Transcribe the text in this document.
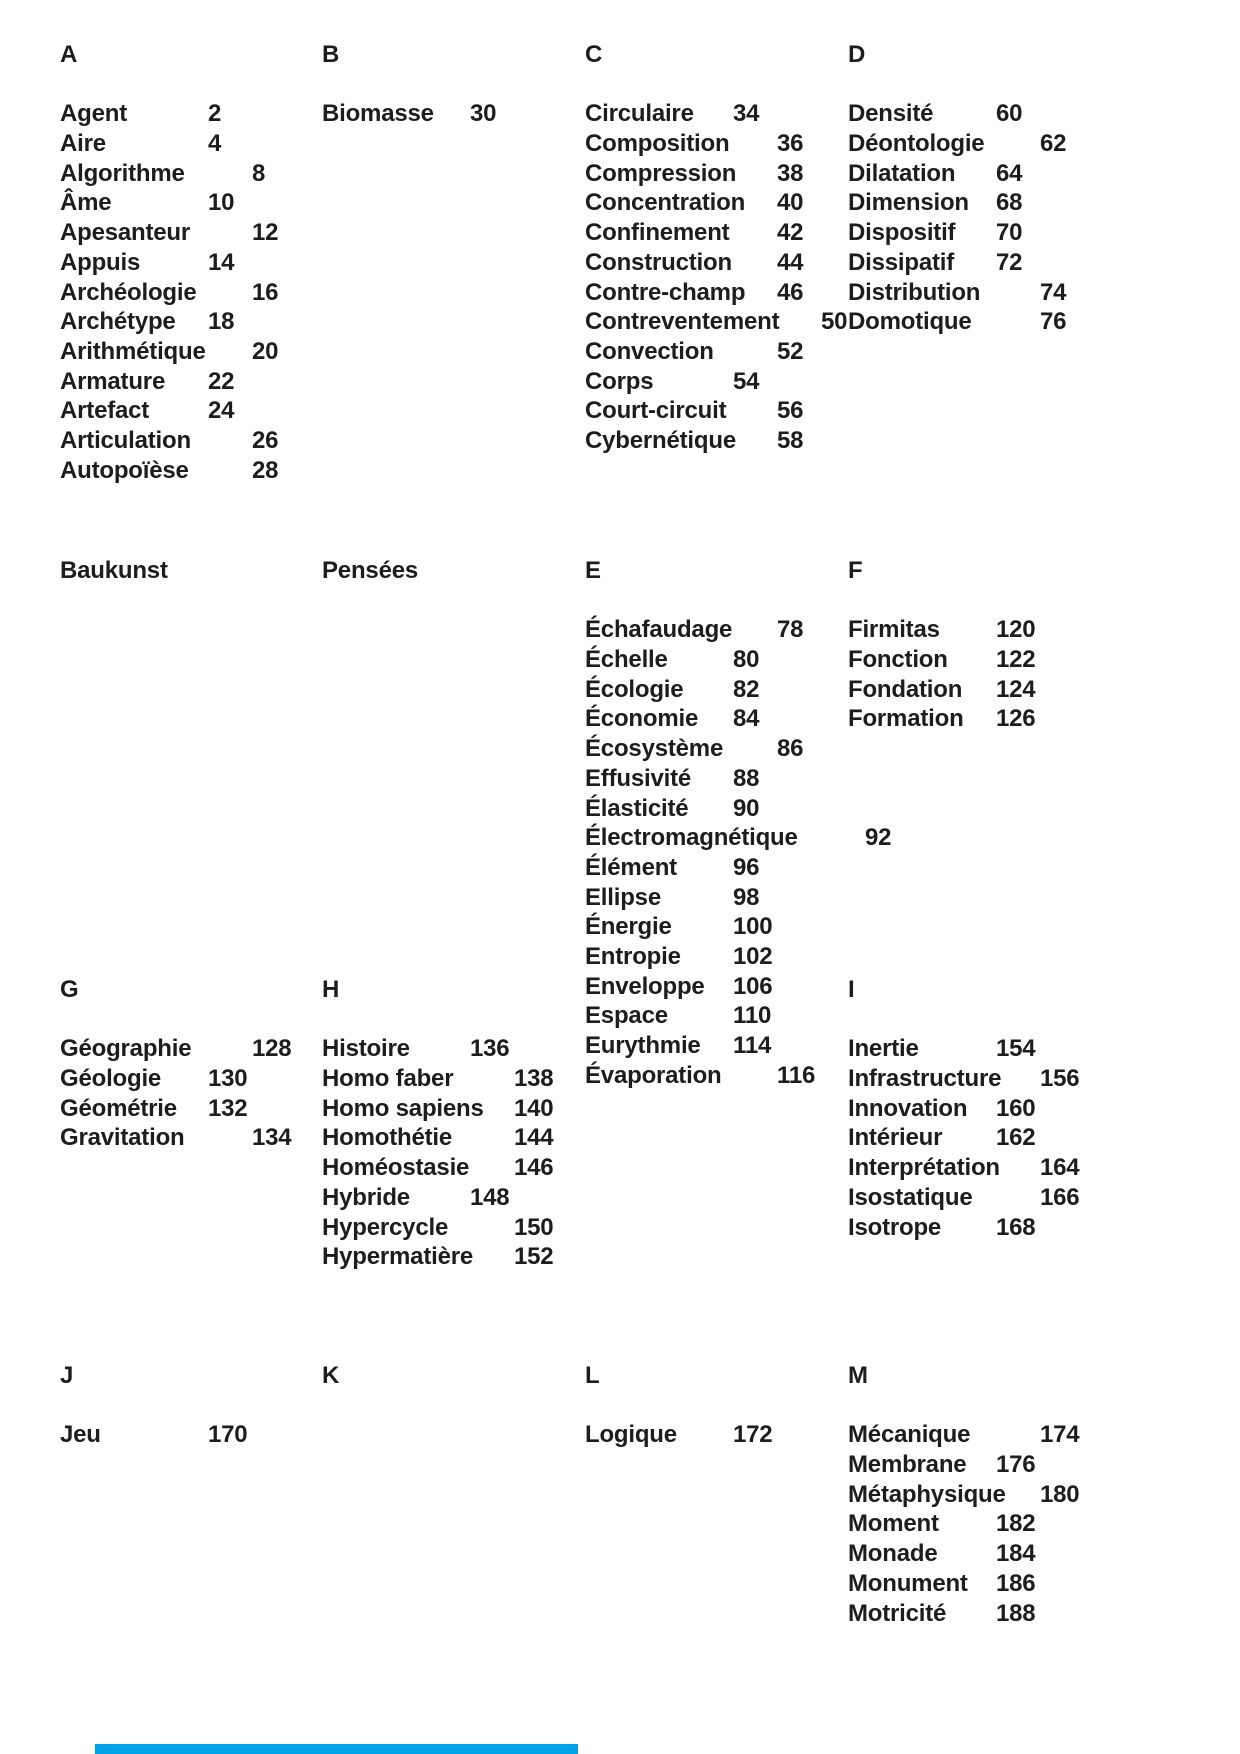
A
Agent	2
Aire	4
Algorithme	8
Âme	10
Apesanteur	12
Appuis	14
Archéologie 16
Archétype 18
Arithmétique 20
Armature 22
Artefact 24
Articulation	26
Autopoïèse	28
B
Biomasse 30
C
Circulaire 34
Composition 36
Compression 38
Concentration 40
Confinement 42
Construction 44
Contre-champ 46
Contreventement 50
Convection	52
Corps	54
Court-circuit 56
Cybernétique 58
D
Densité	60
Déontologie 62
Dilatation 64
Dimension 68
Dispositif 70
Dissipatif 72
Distribution 74
Domotique	76
Baukunst	Pensées	E
Échafaudage 78
Échelle	80
Écologie 82
Économie 84
Écosystème 86
Effusivité 88
Élasticité 90
Électromagnétique	92
Élément 96
Ellipse	98
Énergie	100
Entropie 102
Enveloppe 106
Espace	110
Eurythmie 114
Évaporation 116
F
Firmitas 120
Fonction 122
Fondation 124
Formation 126
G
Géographie	128
Géologie 130
Géométrie 132
Gravitation	134
H
Histoire	136
Homo faber	138
Homo sapiens 140
Homothétie	144
Homéostasie 146
Hybride	148
Hypercycle	150
Hypermatière 152
I
Inertie	154
Infrastructure 156
Innovation 160
Intérieur 162
Interprétation 164
Isostatique	166
Isotrope 168
J
Jeu	170
K	L
Logique 172
M
Mécanique	174
Membrane 176
Métaphysique 180
Moment 182
Monade 184
Monument 186
Motricité 188
